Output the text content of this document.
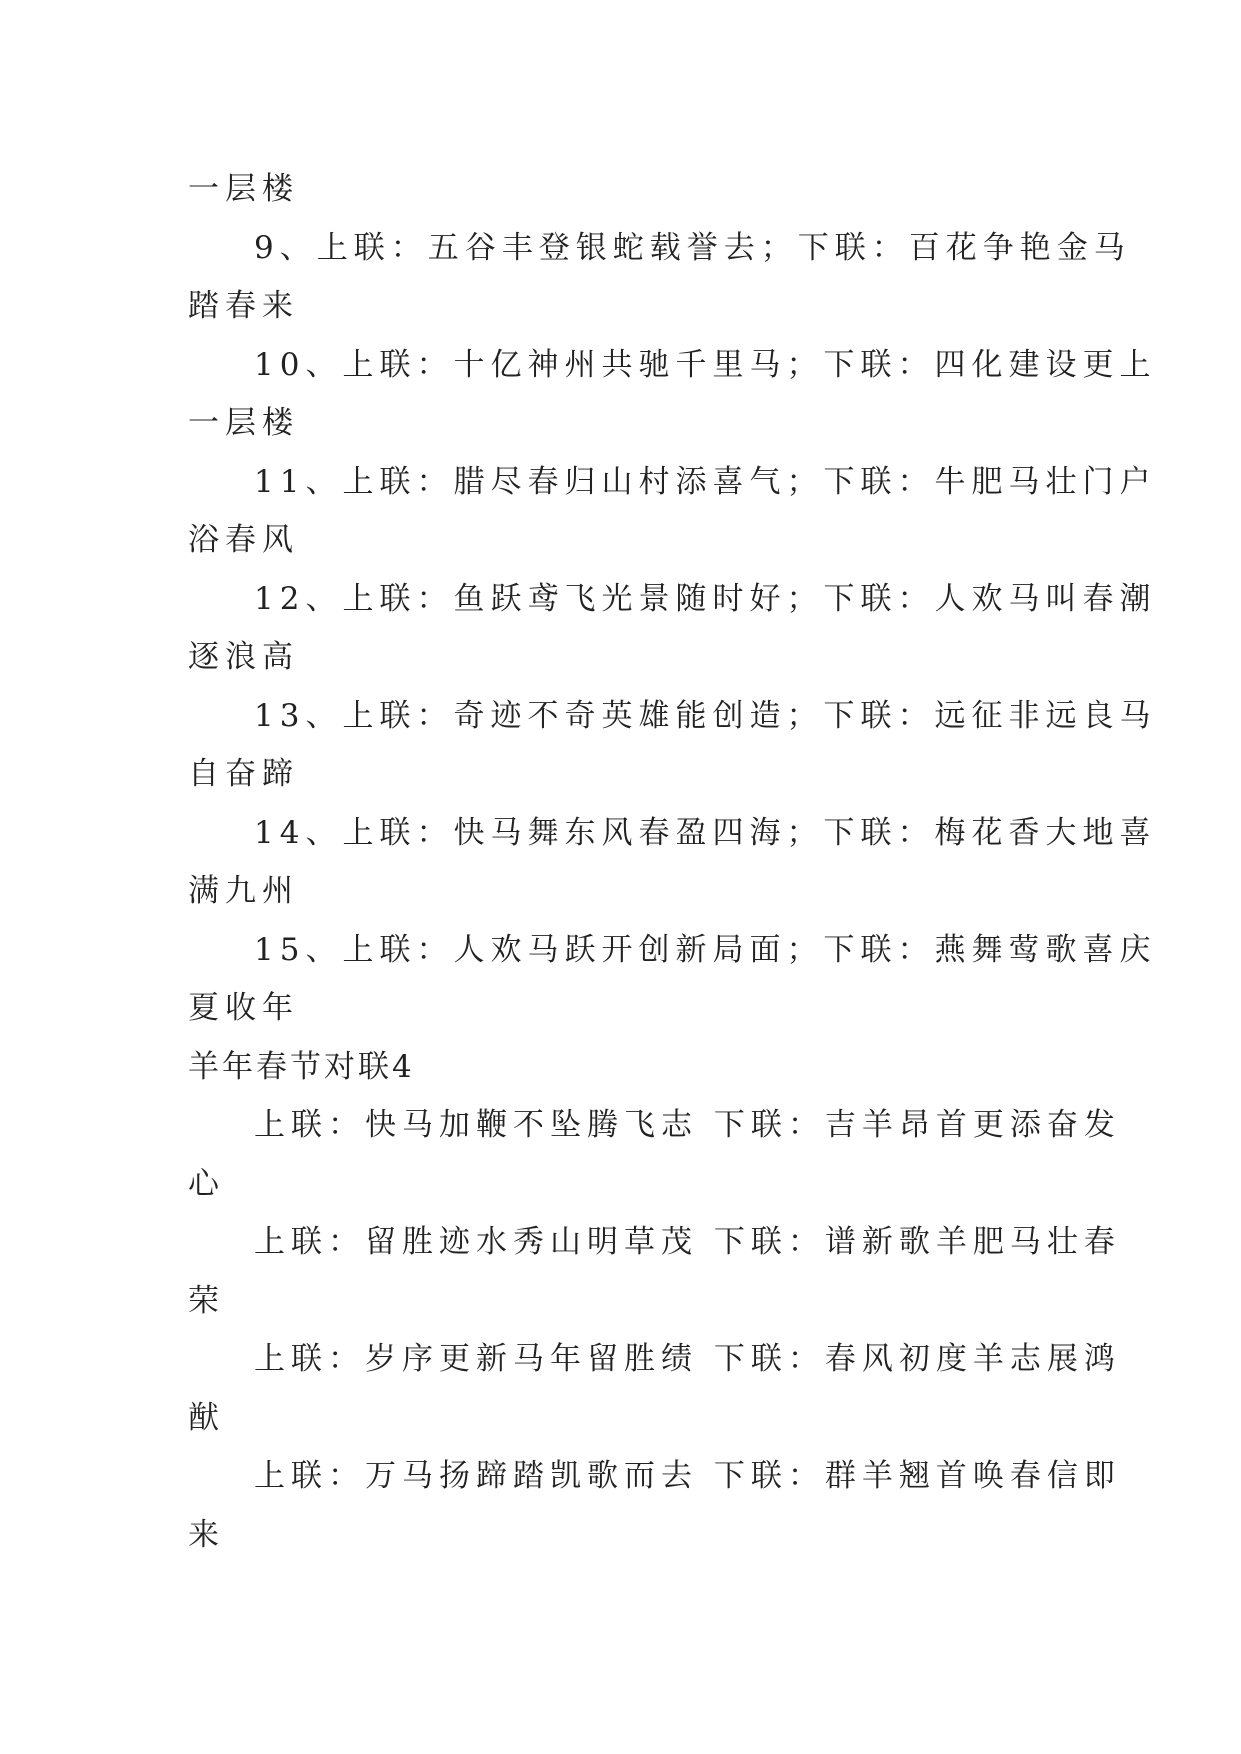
一层楼
9、上联：五谷丰登银蛇载誉去；下联：百花争艳金马
踏春来
10、上联：十亿神州共驰千里马；下联：四化建设更上
一层楼
11、上联：腊尽春归山村添喜气；下联：牛肥马壮门户
浴春风
12、上联：鱼跃鸢飞光景随时好；下联：人欢马叫春潮
逐浪高
13、上联：奇迹不奇英雄能创造；下联：远征非远良马
自奋蹄
14、上联：快马舞东风春盈四海；下联：梅花香大地喜
满九州
15、上联：人欢马跃开创新局面；下联：燕舞莺歌喜庆
夏收年
羊年春节对联4
上联：快马加鞭不坠腾飞志 下联：吉羊昂首更添奋发
心
上联：留胜迹水秀山明草茂 下联：谱新歌羊肥马壮春
荣
上联：岁序更新马年留胜绩 下联：春风初度羊志展鸿
猷
上联：万马扬蹄踏凯歌而去 下联：群羊翘首唤春信即
来
